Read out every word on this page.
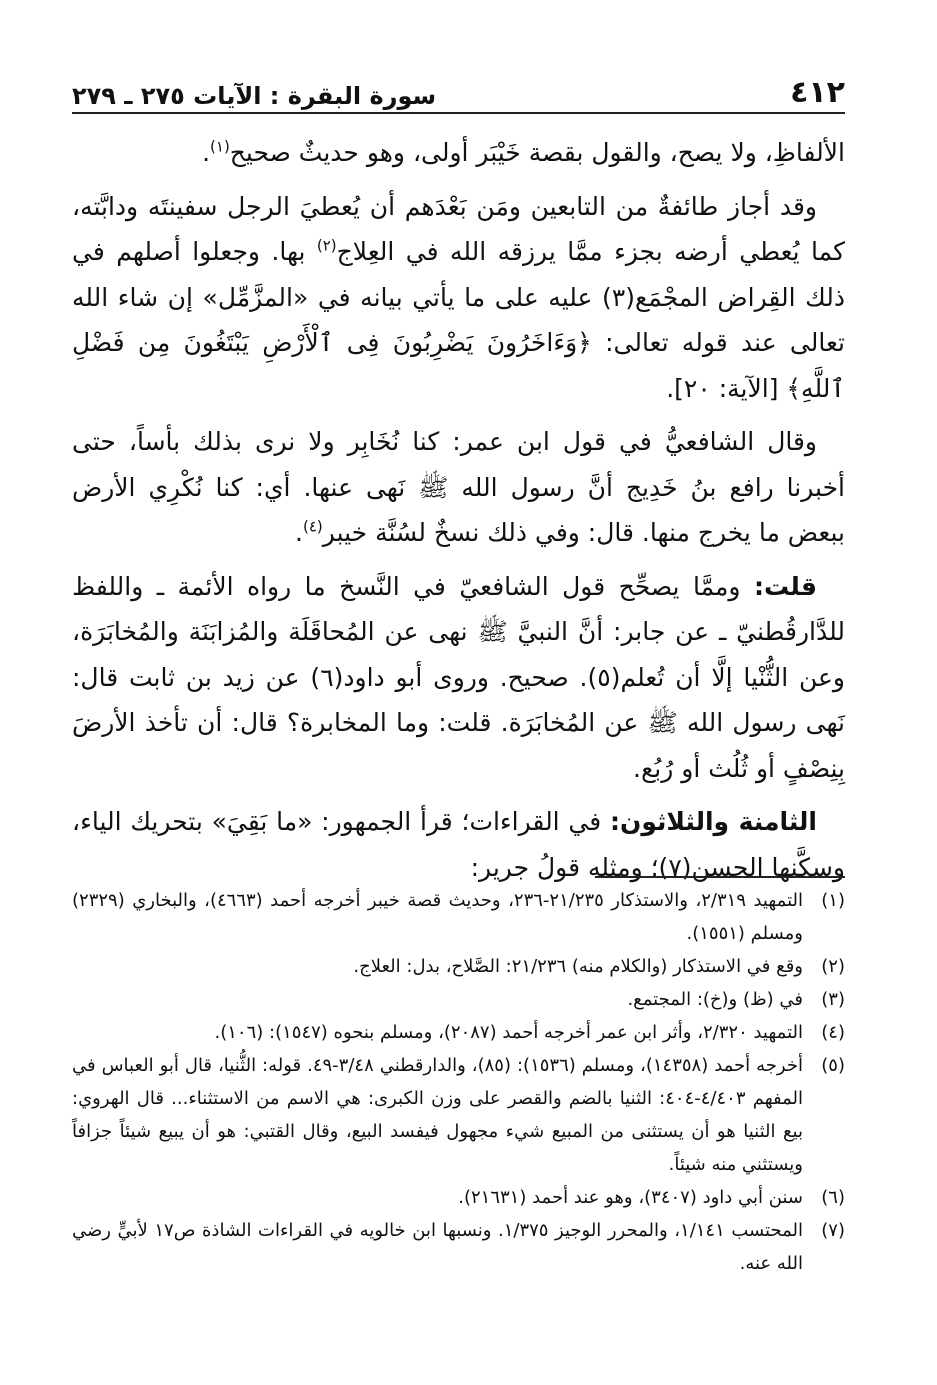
٤١٢
سورة البقرة : الآيات ٢٧٥ ـ ٢٧٩

الألفاظِ، ولا يصح، والقول بقصة خَيْبَر أولى، وهو حديثٌ صحيح$^{(١)}$.

وقد أجاز طائفةٌ من التابعين ومَن بَعْدَهم أن يُعطيَ الرجل سفينتَه ودابَّته، كما يُعطي أرضه بجزء ممَّا يرزقه الله في العِلاج$^{(٢)}$ بها. وجعلوا أصلهم في ذلك القِراض المجْمَع(٣) عليه على ما يأتي بيانه في «المزَّمِّل» إن شاء الله تعالى عند قوله تعالى: ﴿وَءَاخَرُونَ يَضْرِبُونَ فِى ٱلْأَرْضِ يَبْتَغُونَ مِن فَضْلِ ٱللَّهِ﴾ [الآية: ٢٠].

وقال الشافعيُّ في قول ابن عمر: كنا نُخَابِر ولا نرى بذلك بأساً، حتى أخبرنا رافع بنُ خَدِيج أنَّ رسول الله ﷺ نَهى عنها. أي: كنا نُكْرِي الأرض ببعض ما يخرج منها. قال: وفي ذلك نسخٌ لسُنَّة خيبر$^{(٤)}$.

قلت: وممَّا يصحِّح قول الشافعيّ في النَّسخ ما رواه الأئمة ـ واللفظ للدَّارقُطنيّ ـ عن جابر: أنَّ النبيَّ ﷺ نهى عن المُحاقَلَة والمُزابَنَة والمُخابَرَة، وعن الثُّنْيا إلَّا أن تُعلم(٥). صحيح. وروى أبو داود(٦) عن زيد بن ثابت قال: نَهى رسول الله ﷺ عن المُخابَرَة. قلت: وما المخابرة؟ قال: أن تأخذ الأرضَ بِنِصْفٍ أو ثُلُث أو رُبُع.

الثامنة والثلاثون: في القراءات؛ قرأ الجمهور: «ما بَقِيَ» بتحريك الياء، وسكَّنها الحسن(٧)؛ ومثله قولُ جرير:

(١)
التمهيد ٢/٣١٩، والاستذكار ٢١/٢٣٥-٢٣٦، وحديث قصة خيبر أخرجه أحمد (٤٦٦٣)، والبخاري (٢٣٢٩) ومسلم (١٥٥١).
(٢)
وقع في الاستذكار (والكلام منه) ٢١/٢٣٦: الصَّلاح، بدل: العلاج.
(٣)
في (ظ) و(خ): المجتمع.
(٤)
التمهيد ٢/٣٢٠، وأثر ابن عمر أخرجه أحمد (٢٠٨٧)، ومسلم بنحوه (١٥٤٧): (١٠٦).
(٥)
أخرجه أحمد (١٤٣٥٨)، ومسلم (١٥٣٦): (٨٥)، والدارقطني ٣/٤٨-٤٩. قوله: الثُّنيا، قال أبو العباس في المفهم ٤/٤٠٣-٤٠٤: الثنيا بالضم والقصر على وزن الكبرى: هي الاسم من الاستثناء... قال الهروي: بيع الثنيا هو أن يستثنى من المبيع شيء مجهول فيفسد البيع، وقال القتبي: هو أن يبيع شيئاً جزافاً ويستثني منه شيئاً.
(٦)
سنن أبي داود (٣٤٠٧)، وهو عند أحمد (٢١٦٣١).
(٧)
المحتسب ١/١٤١، والمحرر الوجيز ١/٣٧٥. ونسبها ابن خالويه في القراءات الشاذة ص١٧ لأبيٍّ رضي الله عنه.
